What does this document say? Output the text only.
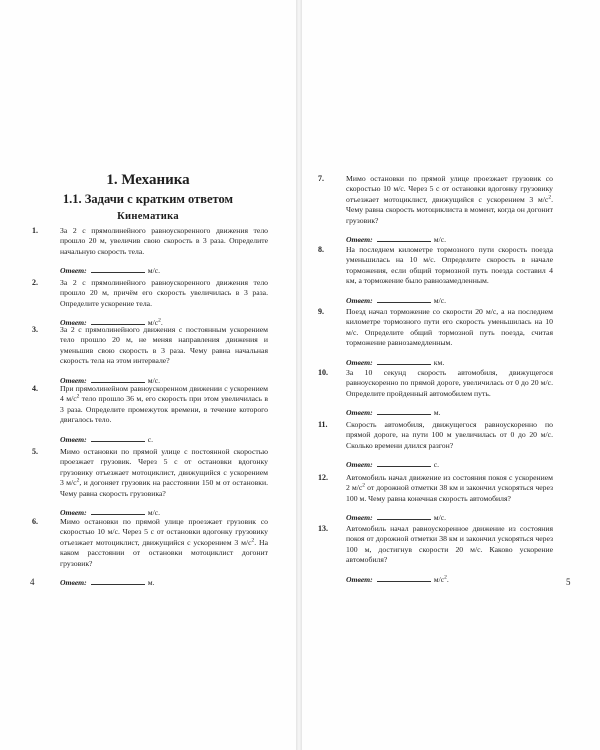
1. Механика
1.1. Задачи с кратким ответом
Кинематика
1.	За 2 с прямолинейного равноускоренного движения тело прошло 20 м, увеличив свою скорость в 3 раза. Определите начальную скорость тела.
Ответ:	м/с.
2.	За 2 с прямолинейного равноускоренного движения тело прошло 20 м, причём его скорость увеличилась в 3 раза. Определите ускорение тела.
Ответ:	$м/с^2$.
3.	За 2 с прямолинейного движения с постоянным ускорением тело прошло 20 м, не меняя направления движения и уменьшив свою скорость в 3 раза. Чему равна начальная скорость тела на этом интервале?
Ответ:	м/с.
4.	При прямолинейном равноускоренном движении с ускорением 4 $м/с^2$ тело прошло 36 м, его скорость при этом увеличилась в 3 раза. Определите промежуток времени, в течение которого двигалось тело.
Ответ:	с.
5.	Мимо остановки по прямой улице с постоянной скоростью проезжает грузовик. Через 5 с от остановки вдогонку грузовику отъезжает мотоциклист, движущийся с ускорением 3 $м/с^2$, и догоняет грузовик на расстоянии 150 м от остановки. Чему равна скорость грузовика?
Ответ:	м/с.
6.	Мимо остановки по прямой улице проезжает грузовик со скоростью 10 м/с. Через 5 с от остановки вдогонку грузовику отъезжает мотоциклист, движущийся с ускорением 3 $м/с^2$. На каком расстоянии от остановки мотоциклист догонит грузовик?
Ответ:	м.
4
7.	Мимо остановки по прямой улице проезжает грузовик со скоростью 10 м/с. Через 5 с от остановки вдогонку грузовику отъезжает мотоциклист, движущийся с ускорением 3 $м/с^2$. Чему равна скорость мотоциклиста в момент, когда он догонит грузовик?
Ответ:	м/с.
8.	На последнем километре тормозного пути скорость поезда уменьшилась на 10 м/с. Определите скорость в начале торможения, если общий тормозной путь поезда составил 4 км, а торможение было равнозамедленным.
Ответ:	м/с.
9.	Поезд начал торможение со скорости 20 м/с, а на последнем километре тормозного пути его скорость уменьшилась на 10 м/с. Определите общий тормозной путь поезда, считая торможение равнозамедленным.
Ответ:	км.
10. За 10 секунд скорость автомобиля, движущегося равноускоренно по прямой дороге, увеличилась от 0 до 20 м/с. Определите пройденный автомобилем путь.
Ответ:	м.
11. Скорость автомобиля, движущегося равноускоренно по прямой дороге, на пути 100 м увеличилась от 0 до 20 м/с. Сколько времени длился разгон?
Ответ:	с.
12. Автомобиль начал движение из состояния покоя с ускорением 2 $м/с^2$ от дорожной отметки 38 км и закончил ускоряться через 100 м. Чему равна конечная скорость автомобиля?
Ответ:	м/с.
13. Автомобиль начал равноускоренное движение из состояния покоя от дорожной отметки 38 км и закончил ускоряться через 100 м, достигнув скорости 20 м/с. Каково ускорение автомобиля?
Ответ:	$м/с^2$.	5
